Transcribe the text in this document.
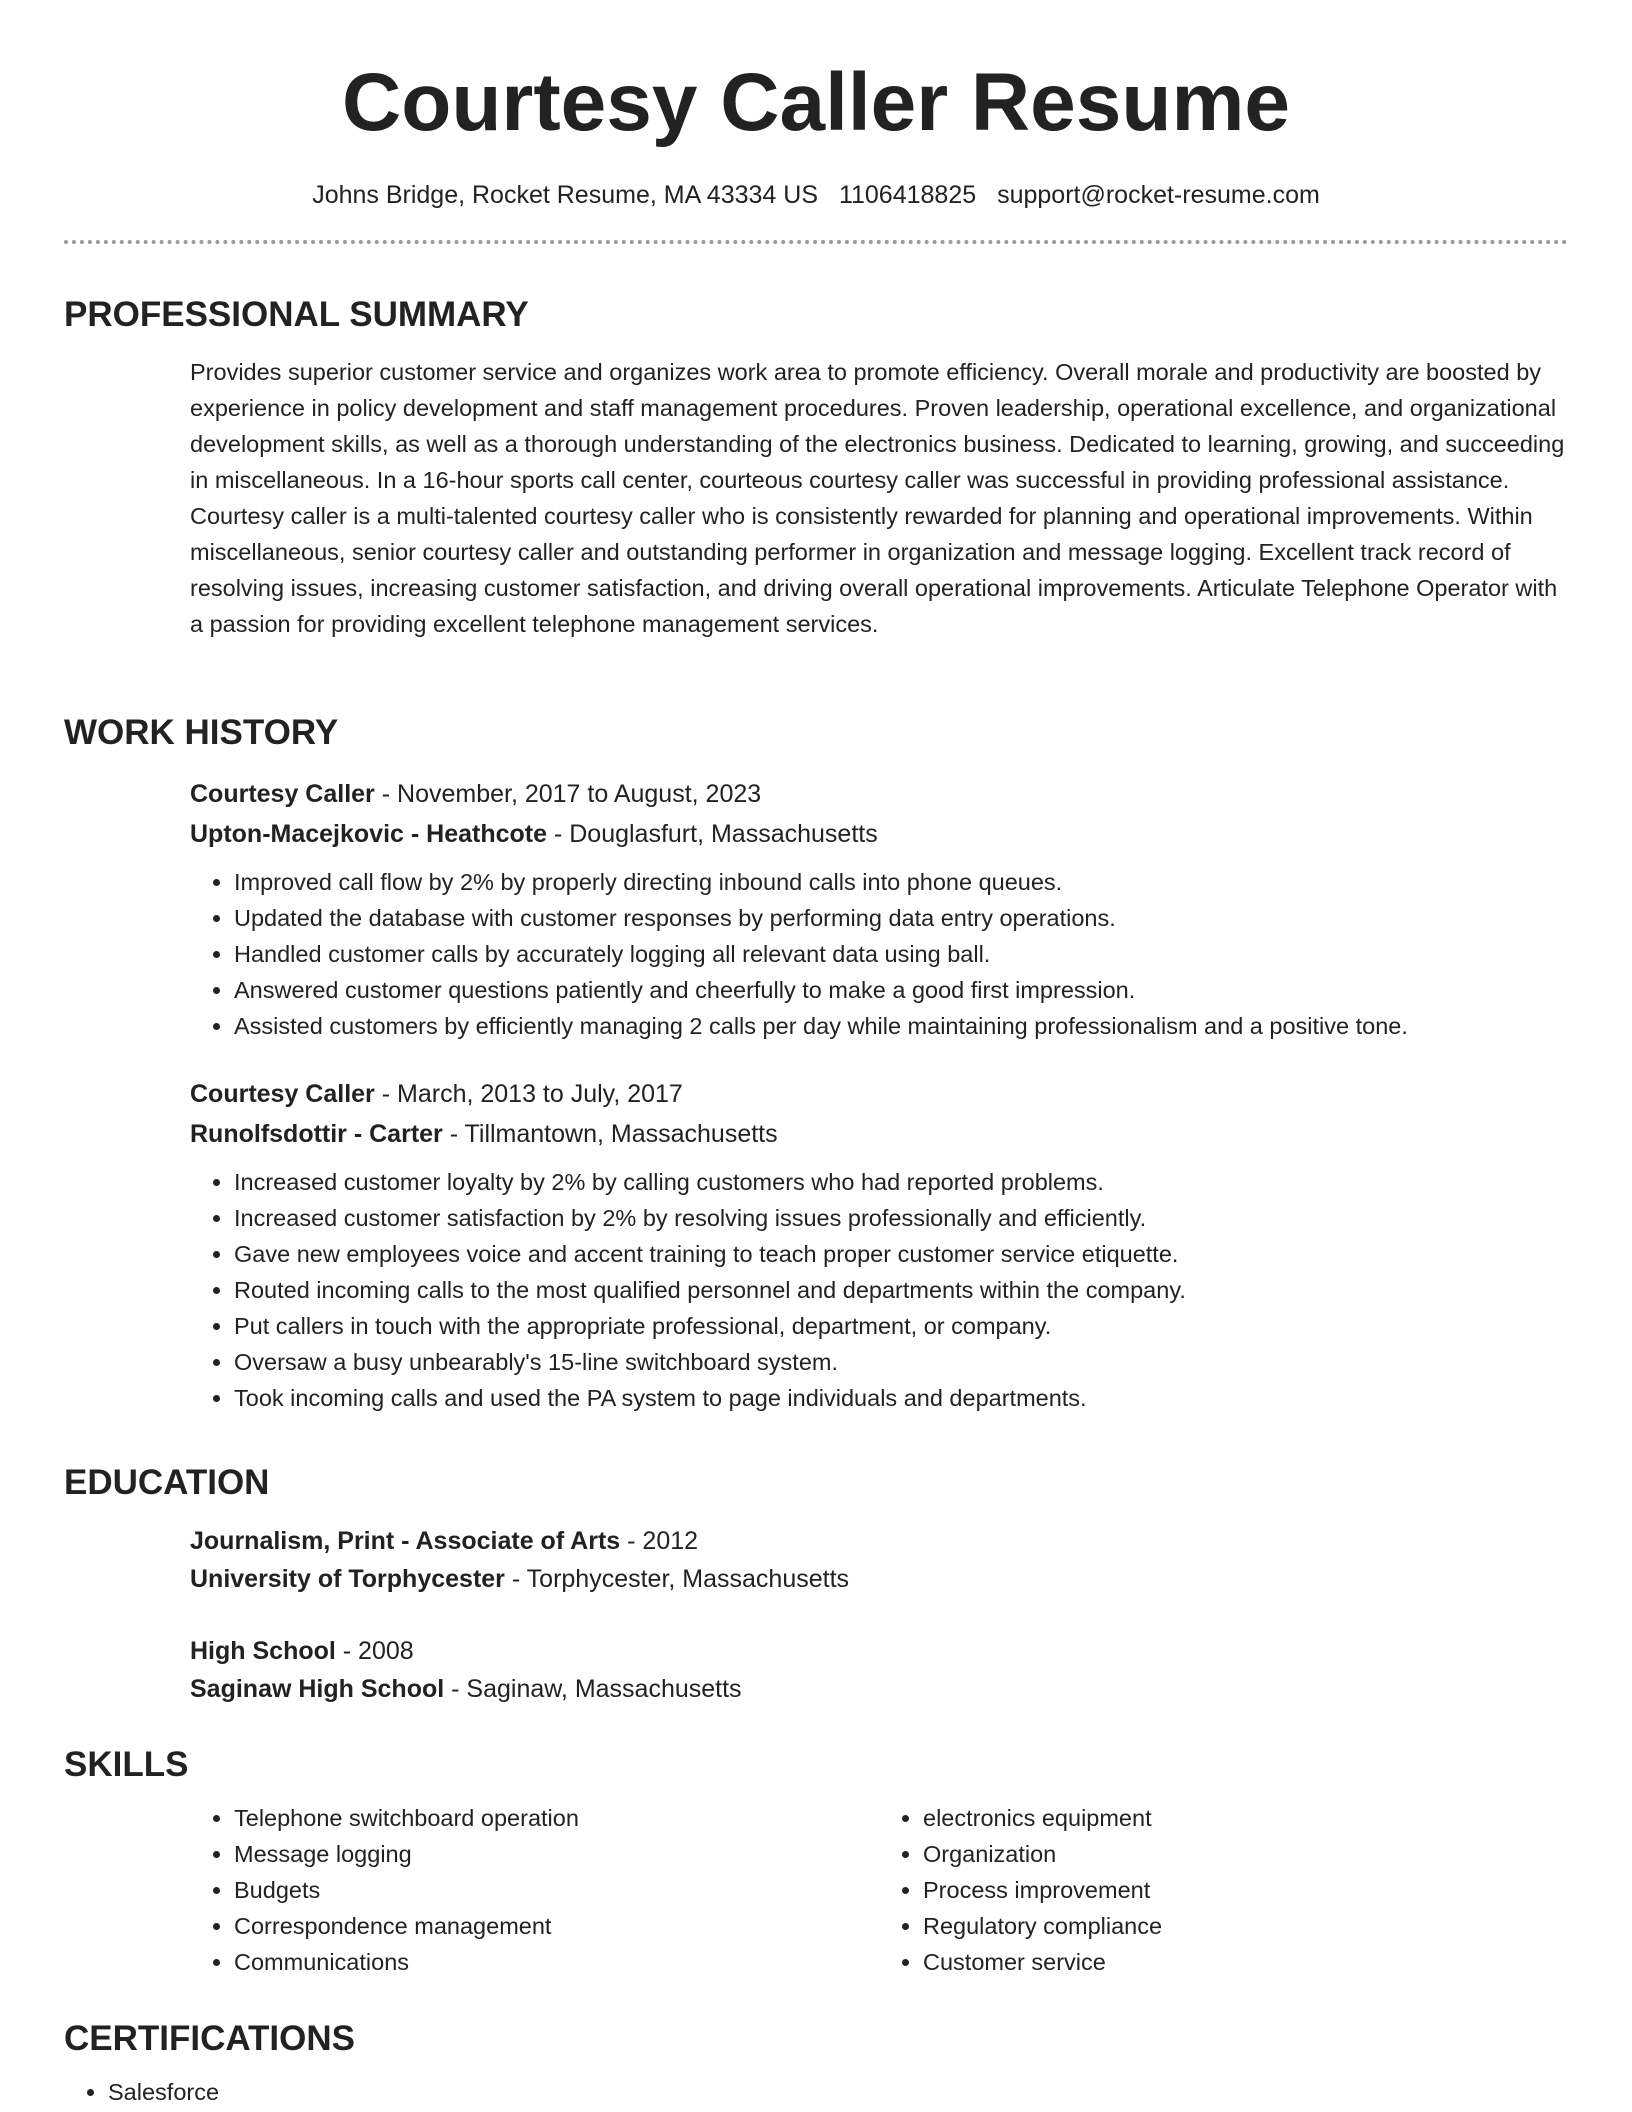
Courtesy Caller Resume
Johns Bridge, Rocket Resume, MA 43334 US 1106418825 support@rocket-resume.com
PROFESSIONAL SUMMARY

Provides superior customer service and organizes work area to promote efficiency. Overall morale and productivity are boosted by experience in policy development and staff management procedures. Proven leadership, operational excellence, and organizational development skills, as well as a thorough understanding of the electronics business. Dedicated to learning, growing, and succeeding in miscellaneous. In a 16-hour sports call center, courteous courtesy caller was successful in providing professional assistance. Courtesy caller is a multi-talented courtesy caller who is consistently rewarded for planning and operational improvements. Within miscellaneous, senior courtesy caller and outstanding performer in organization and message logging. Excellent track record of resolving issues, increasing customer satisfaction, and driving overall operational improvements. Articulate Telephone Operator with a passion for providing excellent telephone management services.

WORK HISTORY
Courtesy Caller - November, 2017 to August, 2023
Upton-Macejkovic - Heathcote - Douglasfurt, Massachusetts
• Improved call flow by 2% by properly directing inbound calls into phone queues.
• Updated the database with customer responses by performing data entry operations.
• Handled customer calls by accurately logging all relevant data using ball.
• Answered customer questions patiently and cheerfully to make a good first impression.
• Assisted customers by efficiently managing 2 calls per day while maintaining professionalism and a positive tone.
Courtesy Caller - March, 2013 to July, 2017
Runolfsdottir - Carter - Tillmantown, Massachusetts
• Increased customer loyalty by 2% by calling customers who had reported problems.
• Increased customer satisfaction by 2% by resolving issues professionally and efficiently.
• Gave new employees voice and accent training to teach proper customer service etiquette.
• Routed incoming calls to the most qualified personnel and departments within the company.
• Put callers in touch with the appropriate professional, department, or company.
• Oversaw a busy unbearably's 15-line switchboard system.
• Took incoming calls and used the PA system to page individuals and departments.
EDUCATION
Journalism, Print - Associate of Arts - 2012
University of Torphycester - Torphycester, Massachusetts
High School - 2008
Saginaw High School - Saginaw, Massachusetts
SKILLS
• Telephone switchboard operation
• Message logging
• Budgets
• Correspondence management
• Communications
• electronics equipment
• Organization
• Process improvement
• Regulatory compliance
• Customer service
CERTIFICATIONS
• Salesforce
